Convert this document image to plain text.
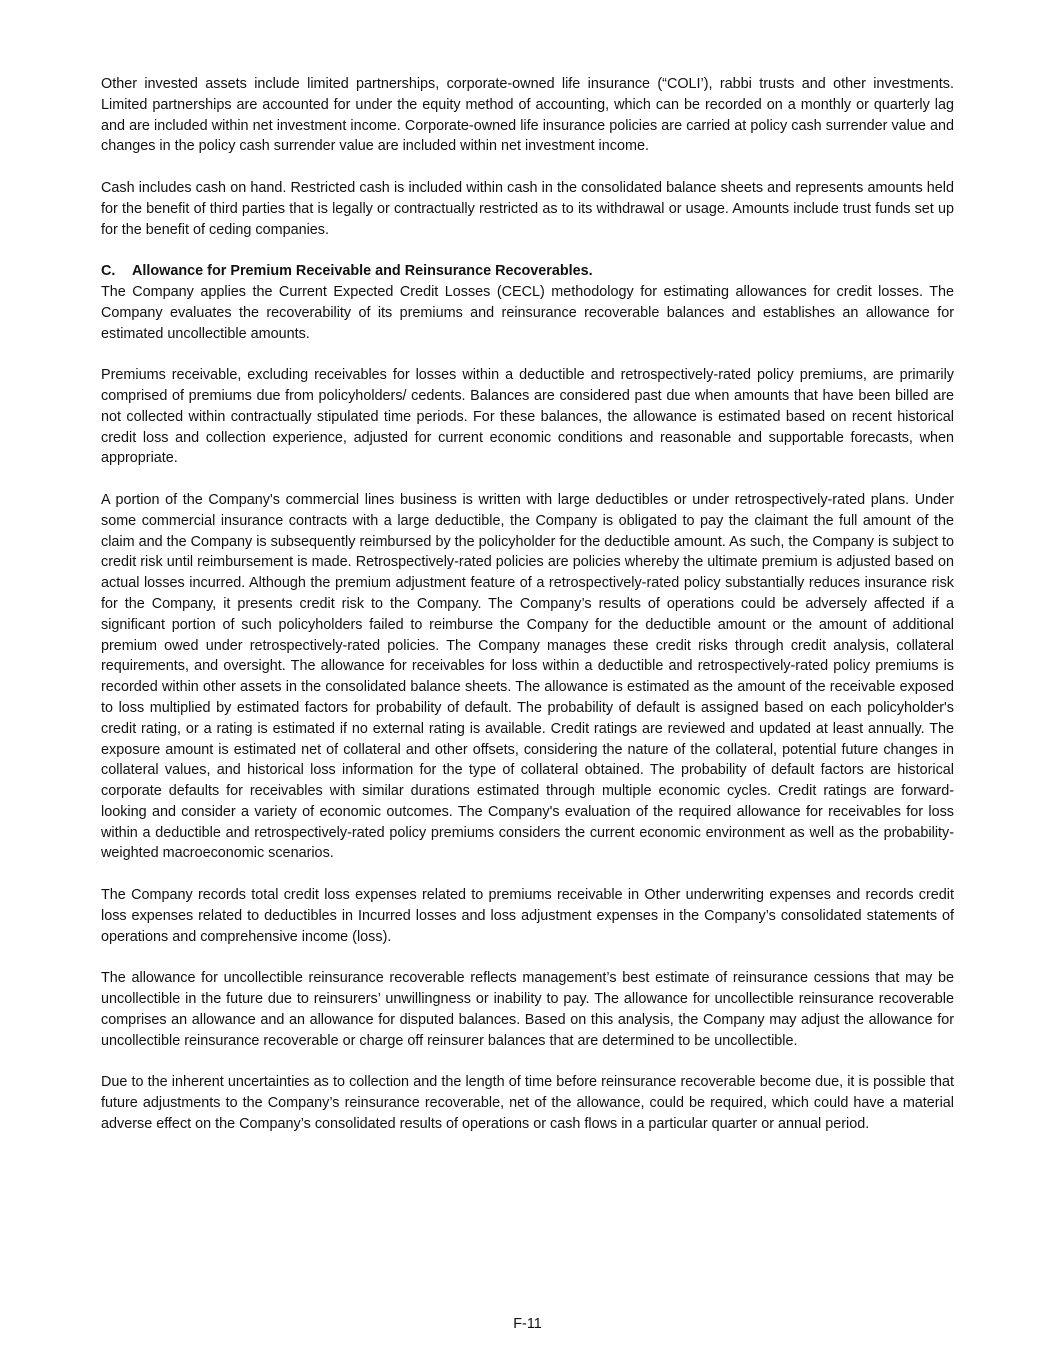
Other invested assets include limited partnerships, corporate-owned life insurance (“COLI’), rabbi trusts and other investments. Limited partnerships are accounted for under the equity method of accounting, which can be recorded on a monthly or quarterly lag and are included within net investment income. Corporate-owned life insurance policies are carried at policy cash surrender value and changes in the policy cash surrender value are included within net investment income.

Cash includes cash on hand. Restricted cash is included within cash in the consolidated balance sheets and represents amounts held for the benefit of third parties that is legally or contractually restricted as to its withdrawal or usage. Amounts include trust funds set up for the benefit of ceding companies.

C. Allowance for Premium Receivable and Reinsurance Recoverables.

The Company applies the Current Expected Credit Losses (CECL) methodology for estimating allowances for credit losses. The Company evaluates the recoverability of its premiums and reinsurance recoverable balances and establishes an allowance for estimated uncollectible amounts.

Premiums receivable, excluding receivables for losses within a deductible and retrospectively-rated policy premiums, are primarily comprised of premiums due from policyholders/ cedents. Balances are considered past due when amounts that have been billed are not collected within contractually stipulated time periods. For these balances, the allowance is estimated based on recent historical credit loss and collection experience, adjusted for current economic conditions and reasonable and supportable forecasts, when appropriate.

A portion of the Company's commercial lines business is written with large deductibles or under retrospectively-rated plans. Under some commercial insurance contracts with a large deductible, the Company is obligated to pay the claimant the full amount of the claim and the Company is subsequently reimbursed by the policyholder for the deductible amount. As such, the Company is subject to credit risk until reimbursement is made. Retrospectively-rated policies are policies whereby the ultimate premium is adjusted based on actual losses incurred. Although the premium adjustment feature of a retrospectively-rated policy substantially reduces insurance risk for the Company, it presents credit risk to the Company. The Company’s results of operations could be adversely affected if a significant portion of such policyholders failed to reimburse the Company for the deductible amount or the amount of additional premium owed under retrospectively-rated policies. The Company manages these credit risks through credit analysis, collateral requirements, and oversight. The allowance for receivables for loss within a deductible and retrospectively-rated policy premiums is recorded within other assets in the consolidated balance sheets. The allowance is estimated as the amount of the receivable exposed to loss multiplied by estimated factors for probability of default. The probability of default is assigned based on each policyholder's credit rating, or a rating is estimated if no external rating is available. Credit ratings are reviewed and updated at least annually. The exposure amount is estimated net of collateral and other offsets, considering the nature of the collateral, potential future changes in collateral values, and historical loss information for the type of collateral obtained. The probability of default factors are historical corporate defaults for receivables with similar durations estimated through multiple economic cycles. Credit ratings are forward-looking and consider a variety of economic outcomes. The Company's evaluation of the required allowance for receivables for loss within a deductible and retrospectively-rated policy premiums considers the current economic environment as well as the probability-weighted macroeconomic scenarios.

The Company records total credit loss expenses related to premiums receivable in Other underwriting expenses and records credit loss expenses related to deductibles in Incurred losses and loss adjustment expenses in the Company’s consolidated statements of operations and comprehensive income (loss).

The allowance for uncollectible reinsurance recoverable reflects management’s best estimate of reinsurance cessions that may be uncollectible in the future due to reinsurers’ unwillingness or inability to pay. The allowance for uncollectible reinsurance recoverable comprises an allowance and an allowance for disputed balances. Based on this analysis, the Company may adjust the allowance for uncollectible reinsurance recoverable or charge off reinsurer balances that are determined to be uncollectible.

Due to the inherent uncertainties as to collection and the length of time before reinsurance recoverable become due, it is possible that future adjustments to the Company’s reinsurance recoverable, net of the allowance, could be required, which could have a material adverse effect on the Company’s consolidated results of operations or cash flows in a particular quarter or annual period.

F-11
